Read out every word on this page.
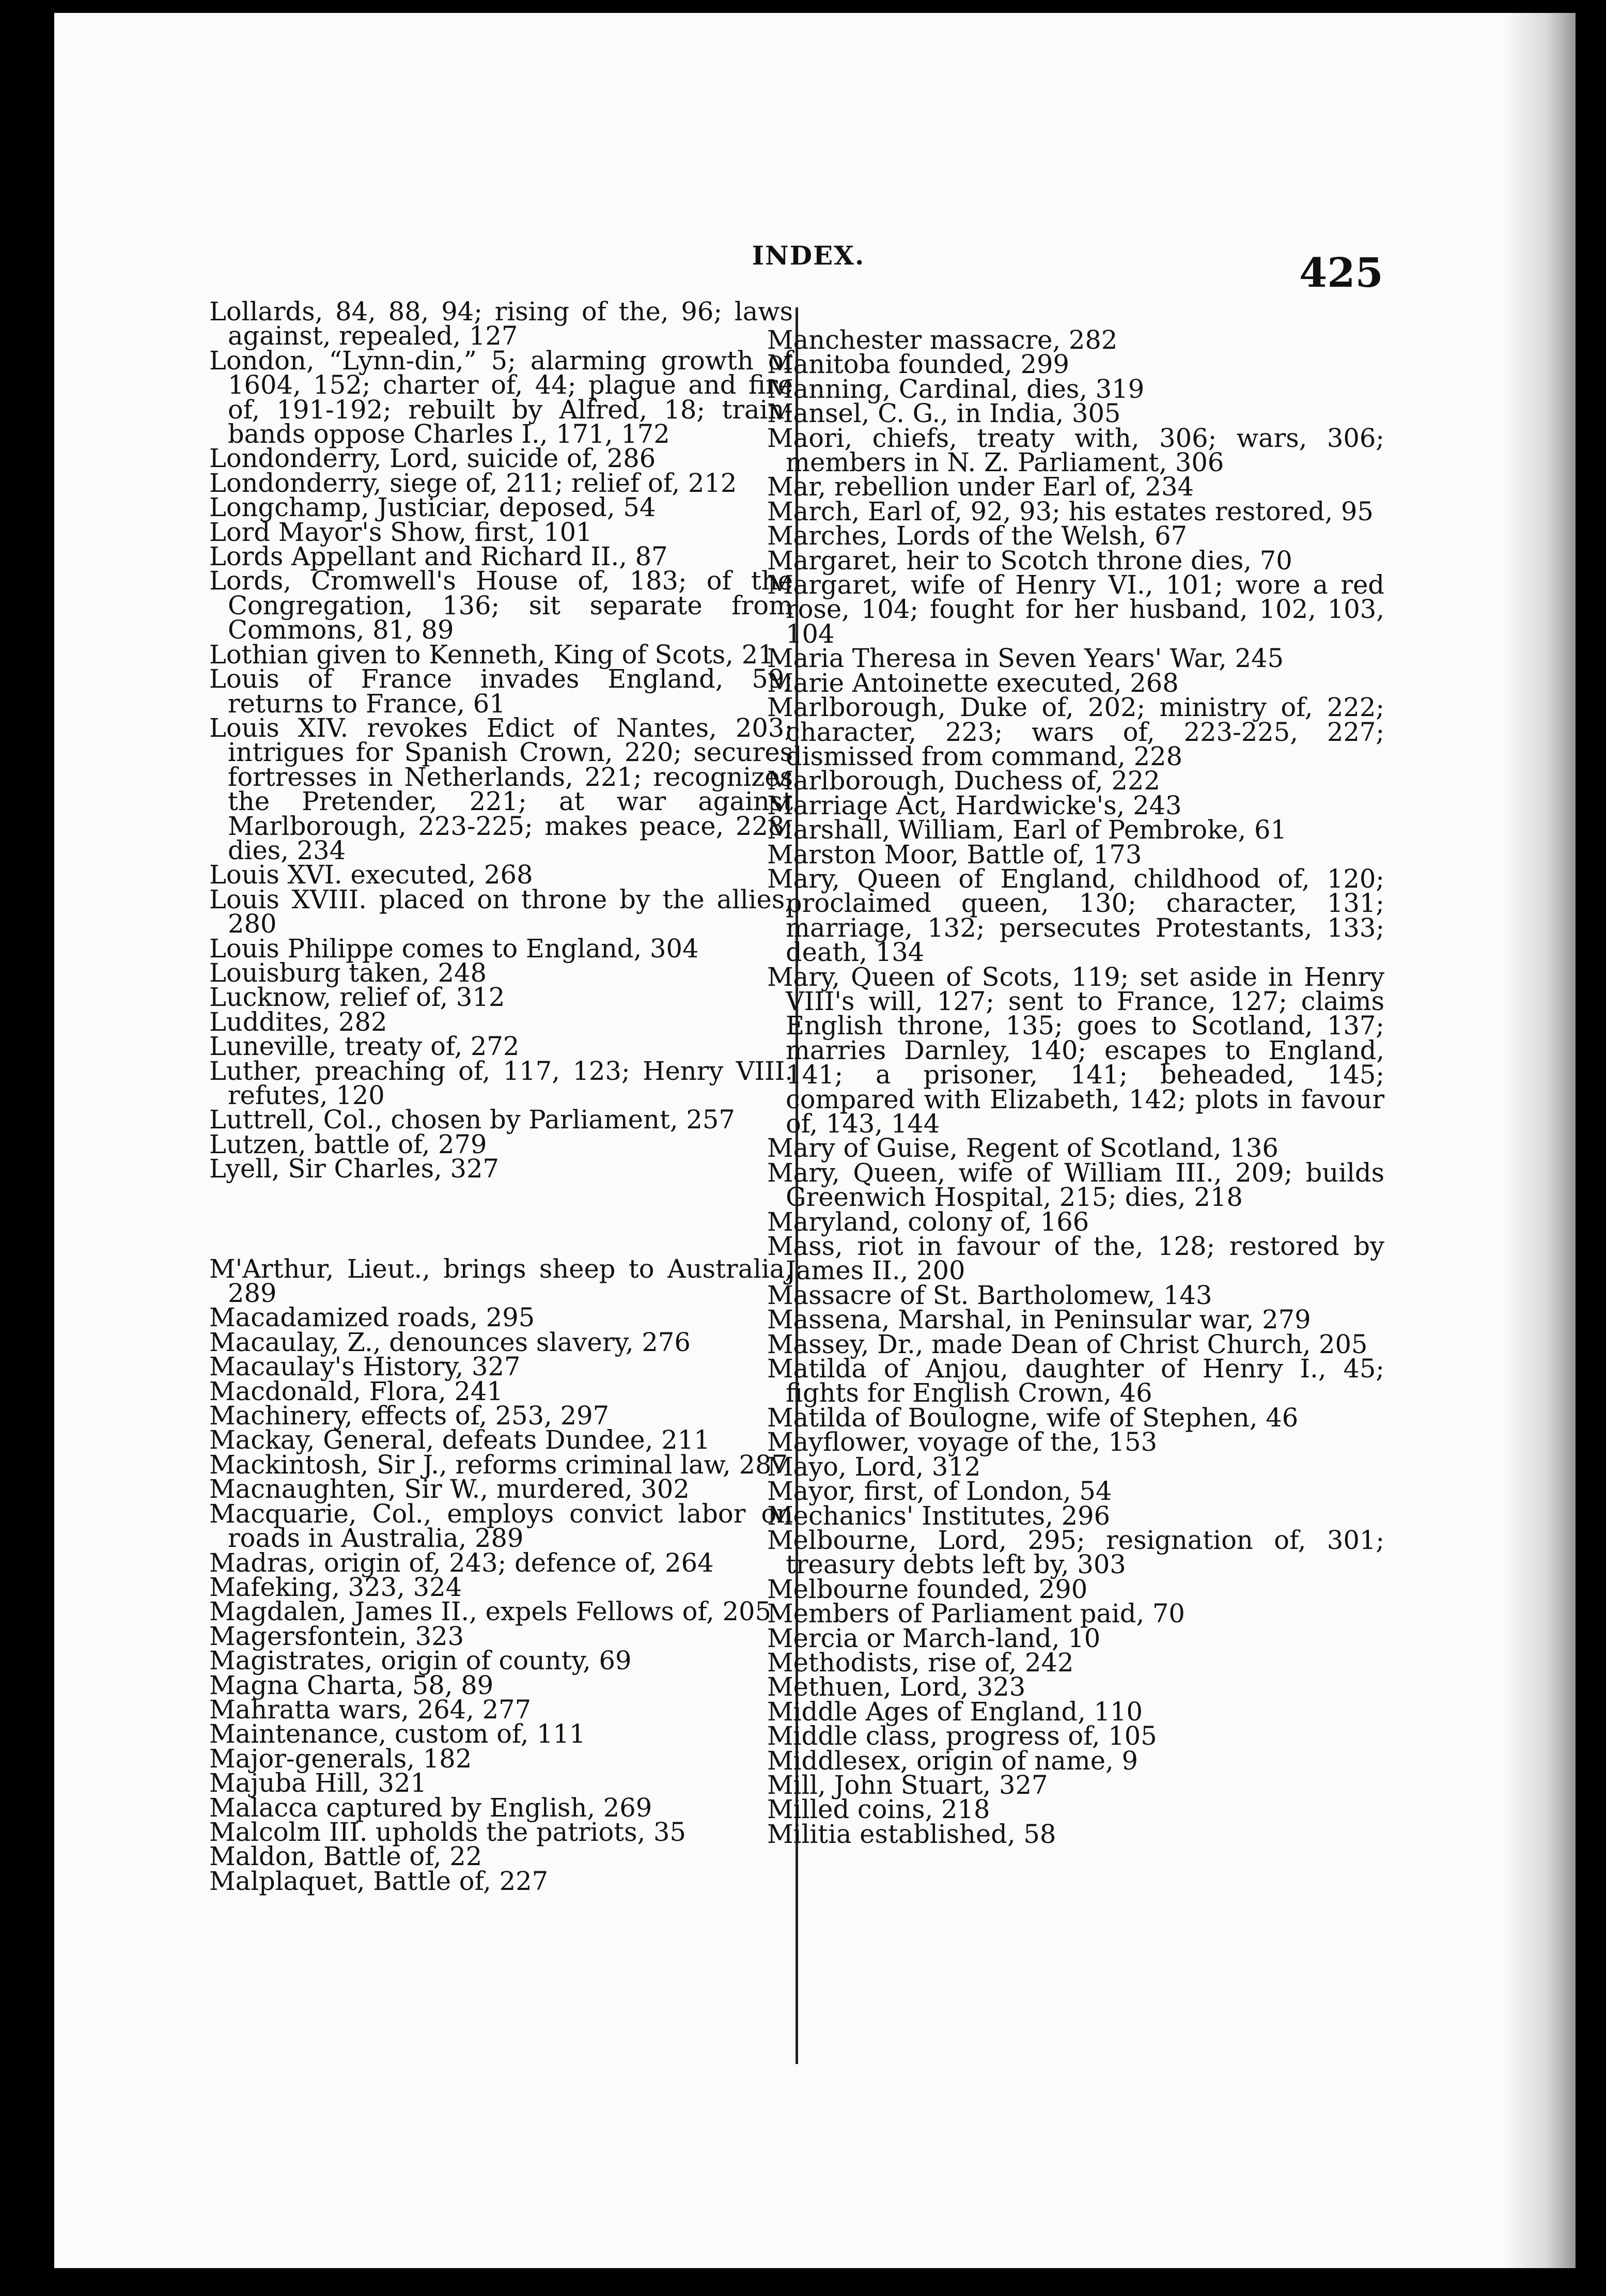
INDEX.	425

Lollards, 84, 88, 94; rising of the, 96; laws against, repealed, 127

London, “Lynn-din,” 5; alarming growth of 1604, 152; charter of, 44; plague and fire of, 191-192; rebuilt by Alfred, 18; train-bands oppose Charles I., 171, 172

Londonderry, Lord, suicide of, 286

Londonderry, siege of, 211; relief of, 212

Longchamp, Justiciar, deposed, 54

Lord Mayor's Show, first, 101

Lords Appellant and Richard II., 87

Lords, Cromwell's House of, 183; of the Congregation, 136; sit separate from Commons, 81, 89

Lothian given to Kenneth, King of Scots, 21

Louis of France invades England, 59; returns to France, 61

Louis XIV. revokes Edict of Nantes, 203; intrigues for Spanish Crown, 220; secures fortresses in Netherlands, 221; recognizes the Pretender, 221; at war against Marlborough, 223-225; makes peace, 228; dies, 234

Louis XVI. executed, 268

Louis XVIII. placed on throne by the allies, 280

Louis Philippe comes to England, 304

Louisburg taken, 248

Lucknow, relief of, 312

Luddites, 282

Luneville, treaty of, 272

Luther, preaching of, 117, 123; Henry VIII. refutes, 120

Luttrell, Col., chosen by Parliament, 257

Lutzen, battle of, 279

Lyell, Sir Charles, 327

M'Arthur, Lieut., brings sheep to Australia, 289

Macadamized roads, 295

Macaulay, Z., denounces slavery, 276

Macaulay's History, 327

Macdonald, Flora, 241

Machinery, effects of, 253, 297

Mackay, General, defeats Dundee, 211

Mackintosh, Sir J., reforms criminal law, 287

Macnaughten, Sir W., murdered, 302

Macquarie, Col., employs convict labor on roads in Australia, 289

Madras, origin of, 243; defence of, 264

Mafeking, 323, 324

Magdalen, James II., expels Fellows of, 205

Magersfontein, 323

Magistrates, origin of county, 69

Magna Charta, 58, 89

Mahratta wars, 264, 277

Maintenance, custom of, 111

Major-generals, 182

Majuba Hill, 321

Malacca captured by English, 269

Malcolm III. upholds the patriots, 35

Maldon, Battle of, 22

Malplaquet, Battle of, 227

Manchester massacre, 282

Manitoba founded, 299

Manning, Cardinal, dies, 319

Mansel, C. G., in India, 305

Maori, chiefs, treaty with, 306; wars, 306; members in N. Z. Parliament, 306

Mar, rebellion under Earl of, 234

March, Earl of, 92, 93; his estates restored, 95

Marches, Lords of the Welsh, 67

Margaret, heir to Scotch throne dies, 70

Margaret, wife of Henry VI., 101; wore a red rose, 104; fought for her husband, 102, 103, 104

Maria Theresa in Seven Years' War, 245

Marie Antoinette executed, 268

Marlborough, Duke of, 202; ministry of, 222; character, 223; wars of, 223-225, 227; dismissed from command, 228

Marlborough, Duchess of, 222

Marriage Act, Hardwicke's, 243

Marshall, William, Earl of Pembroke, 61

Marston Moor, Battle of, 173

Mary, Queen of England, childhood of, 120; proclaimed queen, 130; character, 131; marriage, 132; persecutes Protestants, 133; death, 134

Mary, Queen of Scots, 119; set aside in Henry VIII's will, 127; sent to France, 127; claims English throne, 135; goes to Scotland, 137; marries Darnley, 140; escapes to England, 141; a prisoner, 141; beheaded, 145; compared with Elizabeth, 142; plots in favour of, 143, 144

Mary of Guise, Regent of Scotland, 136

Mary, Queen, wife of William III., 209; builds Greenwich Hospital, 215; dies, 218

Maryland, colony of, 166

Mass, riot in favour of the, 128; restored by James II., 200

Massacre of St. Bartholomew, 143

Massena, Marshal, in Peninsular war, 279

Massey, Dr., made Dean of Christ Church, 205

Matilda of Anjou, daughter of Henry I., 45; fights for English Crown, 46

Matilda of Boulogne, wife of Stephen, 46

Mayflower, voyage of the, 153

Mayo, Lord, 312

Mayor, first, of London, 54

Mechanics' Institutes, 296

Melbourne, Lord, 295; resignation of, 301; treasury debts left by, 303

Melbourne founded, 290

Members of Parliament paid, 70

Mercia or March-land, 10

Methodists, rise of, 242

Methuen, Lord, 323

Middle Ages of England, 110

Middle class, progress of, 105

Middlesex, origin of name, 9

Mill, John Stuart, 327

Milled coins, 218

Militia established, 58
